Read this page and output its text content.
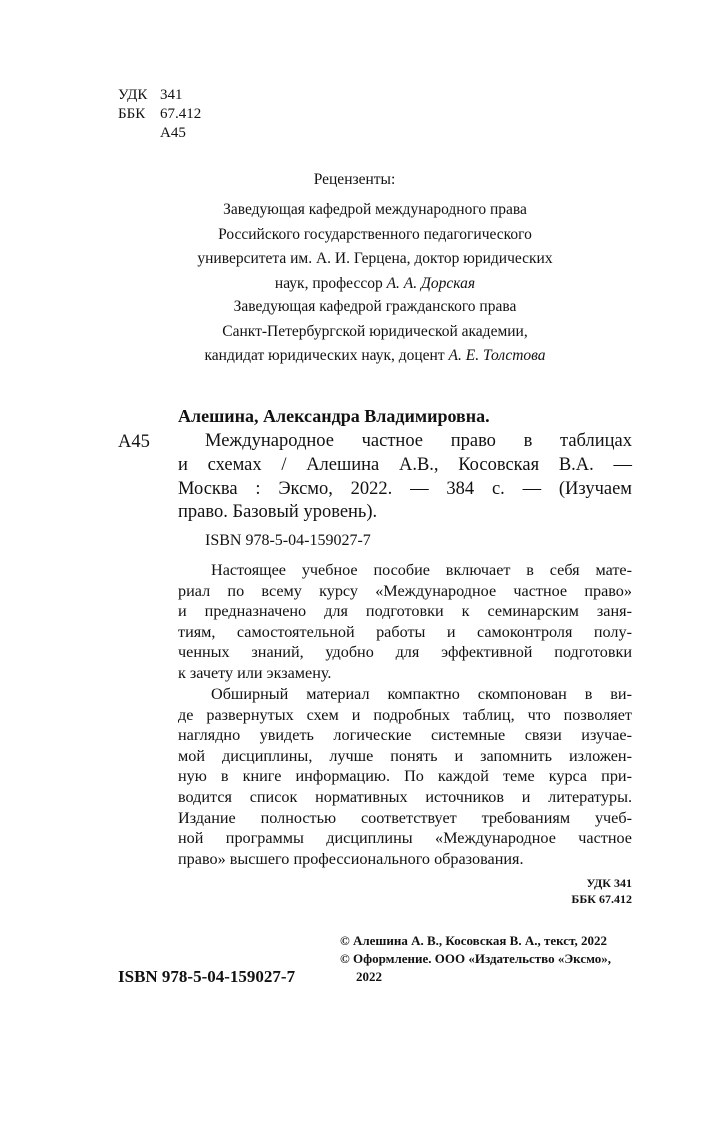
УДК 341
ББК 67.412
А45
Рецензенты:
Заведующая кафедрой международного права
Российского государственного педагогического
университета им. А. И. Герцена, доктор юридических
наук, профессор А. А. Дорская
Заведующая кафедрой гражданского права
Санкт-Петербургской юридической академии,
кандидат юридических наук, доцент А. Е. Толстова
Алешина, Александра Владимировна.
А45	Международное частное право в таблицах
и схемах / Алешина А.В., Косовская В.А. —
Москва : Эксмо, 2022. — 384 с. — (Изучаем
право. Базовый уровень).
ISBN 978-5-04-159027-7
Настоящее учебное пособие включает в себя мате-
риал по всему курсу «Международное частное право»
и предназначено для подготовки к семинарским заня-
тиям, самостоятельной работы и самоконтроля полу-
ченных знаний, удобно для эффективной подготовки
к зачету или экзамену.
Обширный материал компактно скомпонован в ви-
де развернутых схем и подробных таблиц, что позволяет
наглядно увидеть логические системные связи изучае-
мой дисциплины, лучше понять и запомнить изложен-
ную в книге информацию. По каждой теме курса при-
водится список нормативных источников и литературы.
Издание полностью соответствует требованиям учеб-
ной программы дисциплины «Международное частное
право» высшего профессионального образования.
УДК 341
ББК 67.412
ISBN 978-5-04-159027-7
© Алешина А. В., Косовская В. А., текст, 2022
© Оформление. ООО «Издательство «Эксмо»,
2022
